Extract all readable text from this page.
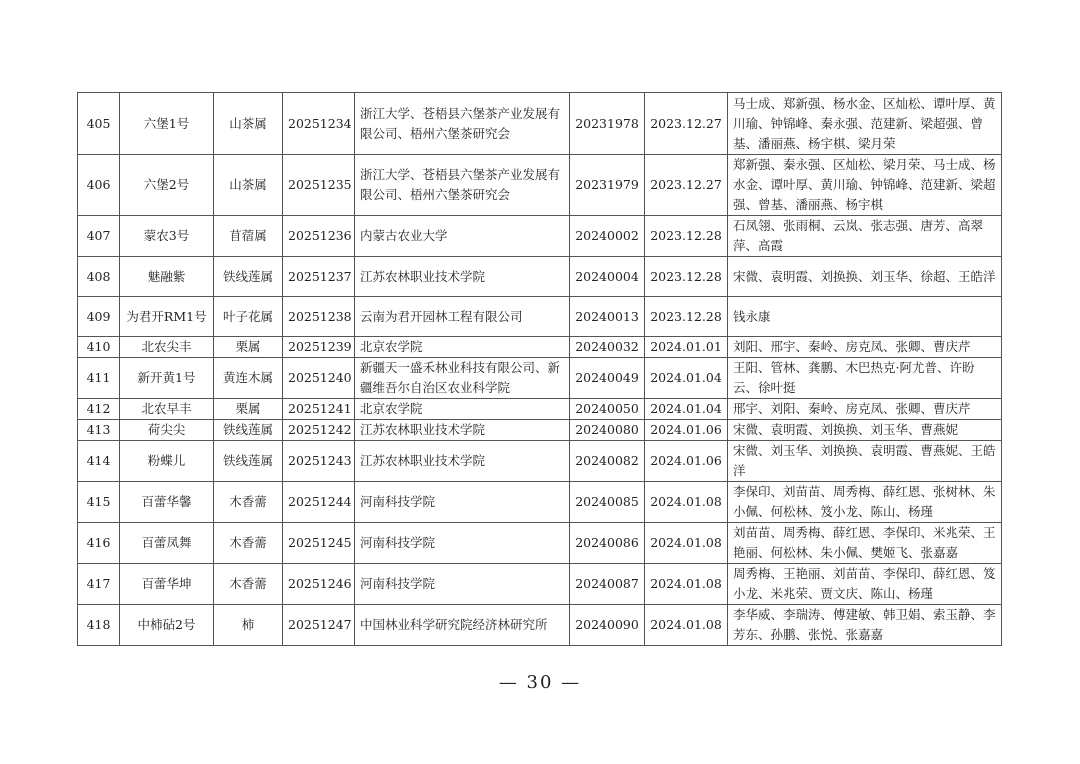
405	六堡1号	山茶属	20251234	浙江大学、苍梧县六堡茶产业发展有限公司、梧州六堡茶研究会	20231978	2023.12.27	马士成、郑新强、杨水金、区灿松、谭叶厚、黄川瑜、钟锦峰、秦永强、范建新、梁超强、曾基、潘丽燕、杨宇棋、梁月荣
406	六堡2号	山茶属	20251235	浙江大学、苍梧县六堡茶产业发展有限公司、梧州六堡茶研究会	20231979	2023.12.27	郑新强、秦永强、区灿松、梁月荣、马士成、杨水金、谭叶厚、黄川瑜、钟锦峰、范建新、梁超强、曾基、潘丽燕、杨宇棋
407	蒙农3号	苜蓿属	20251236	内蒙古农业大学	20240002	2023.12.28	石凤翎、张雨桐、云岚、张志强、唐芳、高翠萍、高霞
408	魅融紫	铁线莲属	20251237	江苏农林职业技术学院	20240004	2023.12.28	宋微、袁明霞、刘换换、刘玉华、徐超、王皓洋
409	为君开RM1号	叶子花属	20251238	云南为君开园林工程有限公司	20240013	2023.12.28	钱永康
410	北农尖丰	栗属	20251239	北京农学院	20240032	2024.01.01	刘阳、邢宇、秦岭、房克凤、张卿、曹庆芹
411	新开黄1号	黄连木属	20251240	新疆天一盛禾林业科技有限公司、新疆维吾尔自治区农业科学院	20240049	2024.01.04	王阳、管林、龚鹏、木巴热克·阿尤普、许盼云、徐叶挺
412	北农早丰	栗属	20251241	北京农学院	20240050	2024.01.04	邢宇、刘阳、秦岭、房克凤、张卿、曹庆芹
413	荷尖尖	铁线莲属	20251242	江苏农林职业技术学院	20240080	2024.01.06	宋微、袁明霞、刘换换、刘玉华、曹燕妮
414	粉蝶儿	铁线莲属	20251243	江苏农林职业技术学院	20240082	2024.01.06	宋微、刘玉华、刘换换、袁明霞、曹燕妮、王皓洋
415	百蕾华馨	木香薷	20251244	河南科技学院	20240085	2024.01.08	李保印、刘苗苗、周秀梅、薛红恩、张树林、朱小佩、何松林、笈小龙、陈山、杨瑾
416	百蕾凤舞	木香薷	20251245	河南科技学院	20240086	2024.01.08	刘苗苗、周秀梅、薛红恩、李保印、米兆荣、王艳丽、何松林、朱小佩、樊姬飞、张嘉嘉
417	百蕾华坤	木香薷	20251246	河南科技学院	20240087	2024.01.08	周秀梅、王艳丽、刘苗苗、李保印、薛红恩、笈小龙、米兆荣、贾文庆、陈山、杨瑾
418	中柿砧2号	柿	20251247	中国林业科学研究院经济林研究所	20240090	2024.01.08	李华威、李瑞涛、傅建敏、韩卫娟、索玉静、李芳东、孙鹏、张悦、张嘉嘉
— 30 —
